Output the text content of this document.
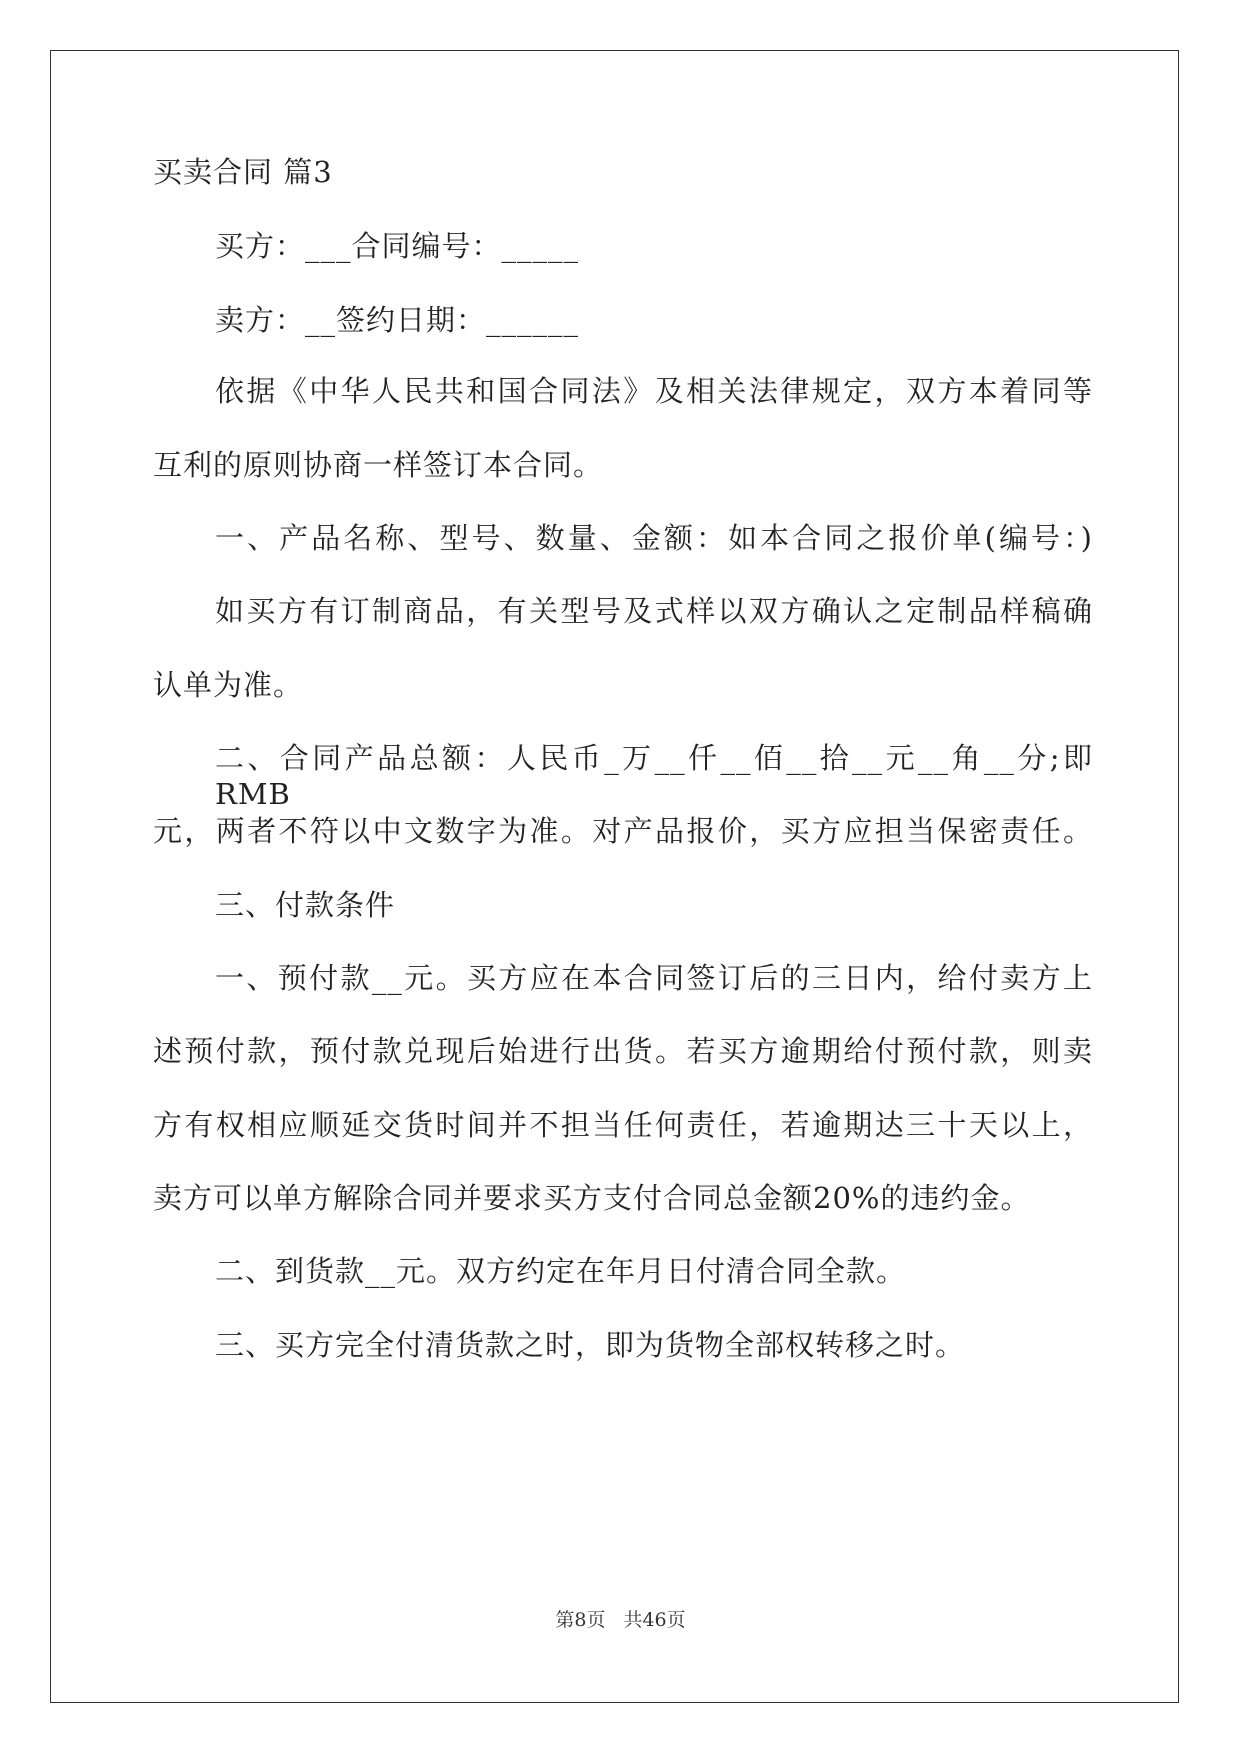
买卖合同 篇3
买方：___合同编号：_____
卖方：__签约日期：______
依据《中华人民共和国合同法》及相关法律规定，双方本着同等
互利的原则协商一样签订本合同。
一、产品名称、型号、数量、金额：如本合同之报价单(编号：)
如买方有订制商品，有关型号及式样以双方确认之定制品样稿确
认单为准。
二、合同产品总额：人民币_万__仟__佰__拾__元__角__分;即RMB
元，两者不符以中文数字为准。对产品报价，买方应担当保密责任。
三、付款条件
一、预付款__元。买方应在本合同签订后的三日内，给付卖方上
述预付款，预付款兑现后始进行出货。若买方逾期给付预付款，则卖
方有权相应顺延交货时间并不担当任何责任，若逾期达三十天以上，
卖方可以单方解除合同并要求买方支付合同总金额20%的违约金。
二、到货款__元。双方约定在年月日付清合同全款。
三、买方完全付清货款之时，即为货物全部权转移之时。
第8页 共46页
